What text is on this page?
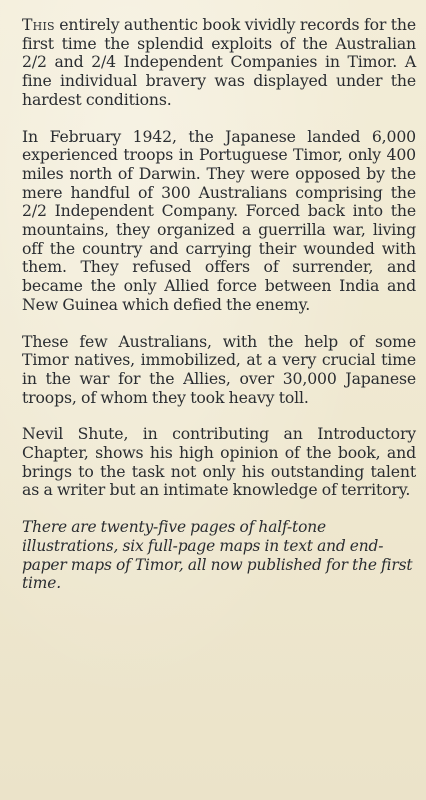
This entirely authentic book vividly records for the first time the splendid exploits of the Australian 2/2 and 2/4 Independent Companies in Timor. A fine individual bravery was displayed under the hardest conditions.

In February 1942, the Japanese landed 6,000 experienced troops in Portuguese Timor, only 400 miles north of Darwin. They were opposed by the mere handful of 300 Australians comprising the 2/2 Independent Company. Forced back into the mountains, they organized a guerrilla war, living off the country and carrying their wounded with them. They refused offers of surrender, and became the only Allied force between India and New Guinea which defied the enemy.

These few Australians, with the help of some Timor natives, immobilized, at a very crucial time in the war for the Allies, over 30,000 Japanese troops, of whom they took heavy toll.

Nevil Shute, in contributing an Introductory Chapter, shows his high opinion of the book, and brings to the task not only his outstanding talent as a writer but an intimate knowledge of territory.

There are twenty-five pages of half-tone illustrations, six full-page maps in text and end-paper maps of Timor, all now published for the first time.
